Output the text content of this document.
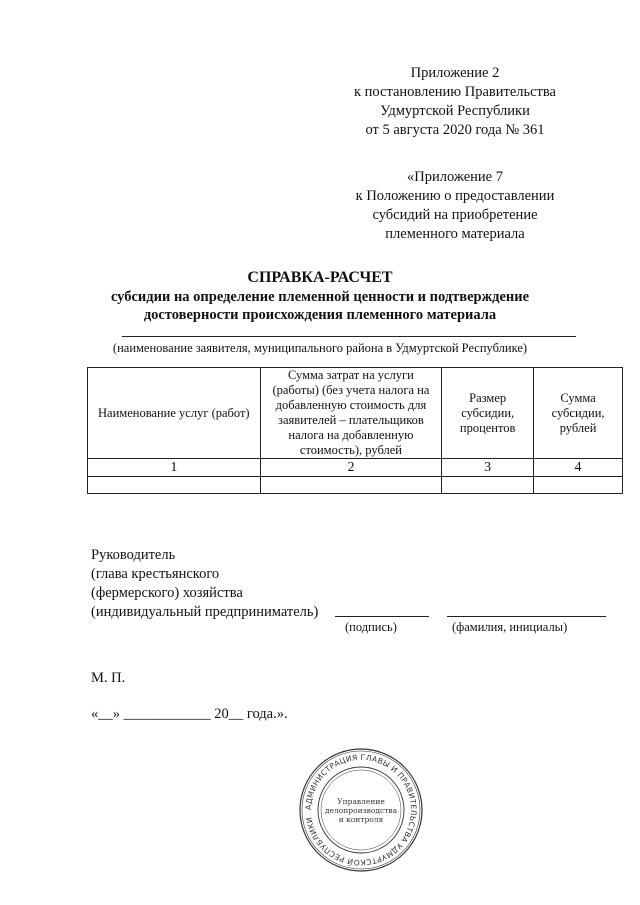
Приложение 2
к постановлению Правительства
Удмуртской Республики
от 5 августа 2020 года № 361
«Приложение 7
к Положению о предоставлении
субсидий на приобретение
племенного материала
СПРАВКА-РАСЧЕТ
субсидии на определение племенной ценности и подтверждение
достоверности происхождения племенного материала
(наименование заявителя, муниципального района в Удмуртской Республике)
Наименование услуг (работ)	Сумма затрат на услуги (работы) (без учета налога на добавленную стоимость для заявителей – плательщиков налога на добавленную стоимость), рублей	Размер субсидии, процентов	Сумма субсидии, рублей
1	2	3	4

Руководитель
(глава крестьянского
(фермерского) хозяйства
(индивидуальный предприниматель)
(подпись)	(фамилия, инициалы)
М. П.
«__» ____________ 20__ года.».
АДМИНИСТРАЦИЯ ГЛАВЫ И ПРАВИТЕЛЬСТВА УДМУРТСКОЙ РЕСПУБЛИКИ
Управление
делопроизводства
и контроля
